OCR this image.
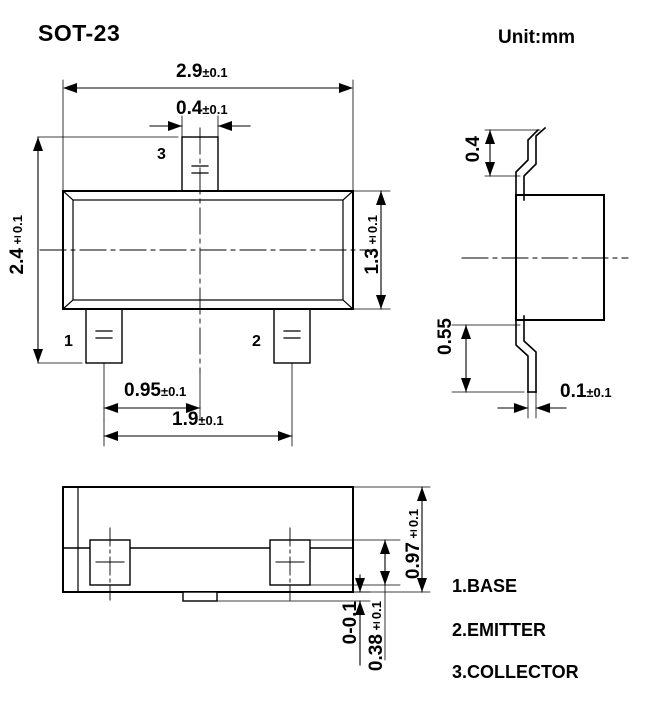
SOT-23	Unit:mm
2.9±0.1
0.4±0.1
2.4±0.1
1.3±0.1
0.95±0.1
1.9±0.1
3
1	2
0.4
0.55
0.1±0.1
0.97±0.1
0-0.1
0.38±0.1
1.BASE
2.EMITTER
3.COLLECTOR
